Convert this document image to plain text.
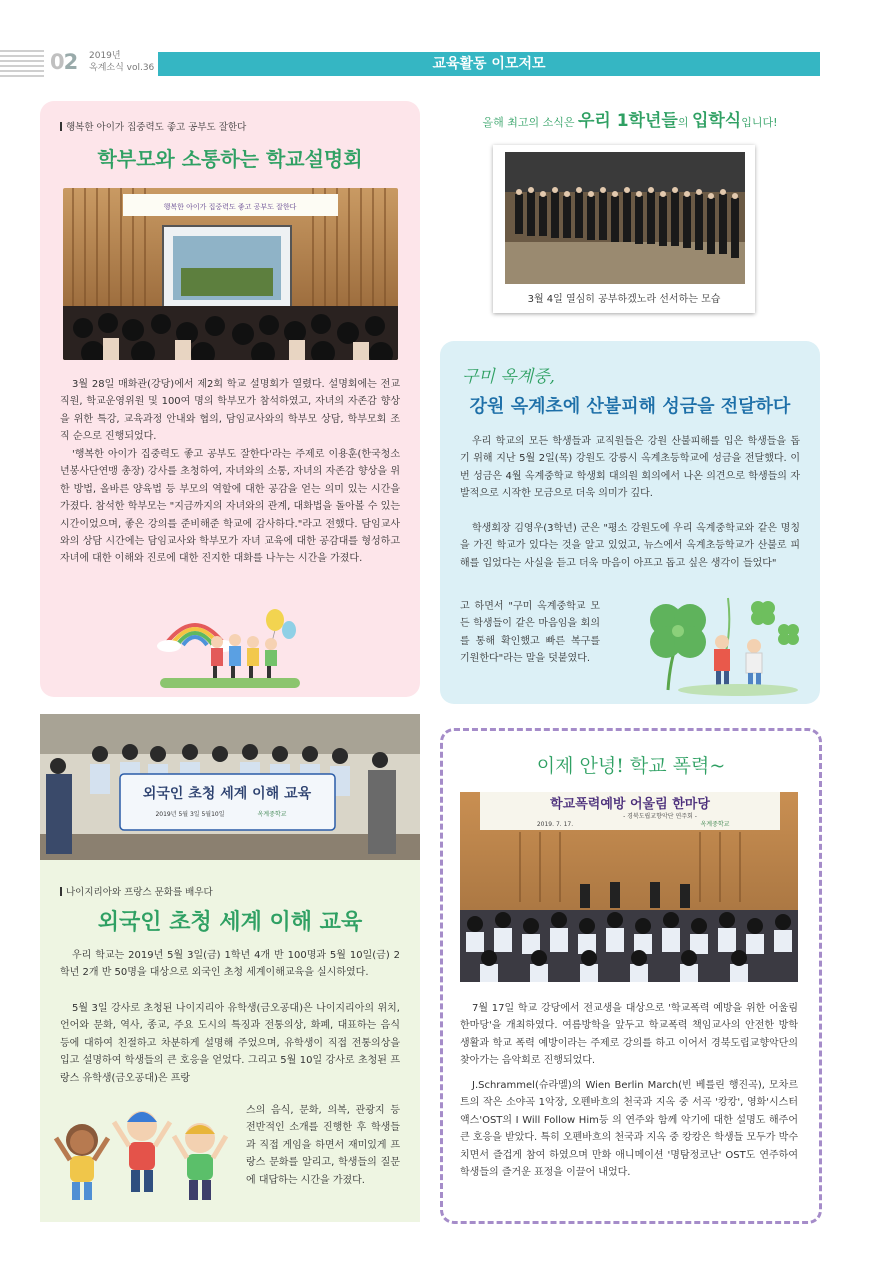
02 2019년
옥계소식 vol.36	교육활동 이모저모
행복한 아이가 집중력도 좋고 공부도 잘한다
학부모와 소통하는 학교설명회
행복한 아이가 집중력도 좋고 공부도 잘한다
3월 28일 매화관(강당)에서 제2회 학교 설명회가 열렸다. 설명회에는 전교직원, 학교운영위원 및 100여 명의 학부모가 참석하였고, 자녀의 자존감 향상을 위한 특강, 교육과정 안내와 협의, 담임교사와의 학부모 상담, 학부모회 조직 순으로 진행되었다.
'행복한 아이가 집중력도 좋고 공부도 잘한다'라는 주제로 이용훈(한국청소년봉사단연맹 총장) 강사를 초청하여, 자녀와의 소통, 자녀의 자존감 향상을 위한 방법, 올바른 양육법 등 부모의 역할에 대한 공감을 얻는 의미 있는 시간을 가졌다. 참석한 학부모는 "지금까지의 자녀와의 관계, 대화법을 돌아볼 수 있는 시간이었으며, 좋은 강의를 준비해준 학교에 감사하다."라고 전했다. 담임교사와의 상담 시간에는 담임교사와 학부모가 자녀 교육에 대한 공감대를 형성하고 자녀에 대한 이해와 진로에 대한 진지한 대화를 나누는 시간을 가졌다.
올해 최고의 소식은 우리 1학년들의 입학식입니다!
3월 4일 열심히 공부하겠노라 선서하는 모습
구미 옥계중,
강원 옥계초에 산불피해 성금을 전달하다
우리 학교의 모든 학생들과 교직원들은 강원 산불피해를 입은 학생들을 돕기 위해 지난 5월 2일(목) 강원도 강릉시 옥계초등학교에 성금을 전달했다. 이번 성금은 4월 옥계중학교 학생회 대의원 회의에서 나온 의견으로 학생들의 자발적으로 시작한 모금으로 더욱 의미가 깊다.
학생회장 김영우(3학년) 군은 "평소 강원도에 우리 옥계중학교와 같은 명칭을 가진 학교가 있다는 것을 알고 있었고, 뉴스에서 옥계초등학교가 산불로 피해를 입었다는 사실을 듣고 더욱 마음이 아프고 돕고 싶은 생각이 들었다"
고 하면서 "구미 옥계중학교 모든 학생들이 같은 마음임을 회의를 통해 확인했고 빠른 복구를 기원한다"라는 말을 덧붙였다.
외국인 초청 세계 이해 교육
2019년 5월 3일 5월10일	옥계중학교
나이지리아와 프랑스 문화를 배우다
외국인 초청 세계 이해 교육
우리 학교는 2019년 5월 3일(금) 1학년 4개 반 100명과 5월 10일(금) 2학년 2개 반 50명을 대상으로 외국인 초청 세계이해교육을 실시하였다.
5월 3일 강사로 초청된 나이지리아 유학생(금오공대)은 나이지리아의 위치, 언어와 문화, 역사, 종교, 주요 도시의 특징과 전통의상, 화폐, 대표하는 음식 등에 대하여 친절하고 차분하게 설명해 주었으며, 유학생이 직접 전통의상을 입고 설명하여 학생들의 큰 호응을 얻었다. 그리고 5월 10일 강사로 초청된 프랑스 유학생(금오공대)은 프랑
스의 음식, 문화, 의복, 관광지 등 전반적인 소개를 진행한 후 학생들과 직접 게임을 하면서 재미있게 프랑스 문화를 알리고, 학생들의 질문에 대답하는 시간을 가졌다.
이제 안녕! 학교 폭력~
학교폭력예방 어울림 한마당
- 경북도립교향악단 연주회 -
2019. 7. 17.	옥계중학교
7월 17일 학교 강당에서 전교생을 대상으로 '학교폭력 예방을 위한 어울림 한마당'을 개최하였다. 여름방학을 앞두고 학교폭력 책임교사의 안전한 방학 생활과 학교 폭력 예방이라는 주제로 강의를 하고 이어서 경북도립교향악단의 찾아가는 음악회로 진행되었다.
J.Schrammel(슈라멜)의 Wien Berlin March(빈 베를린 행진곡), 모차르트의 작은 소야곡 1악장, 오펜바흐의 천국과 지옥 중 서곡 '캉캉', 영화'시스터액스'OST의 I Will Follow Him등 의 연주와 함께 악기에 대한 설명도 해주어 큰 호응을 받았다. 특히 오펜바흐의 천국과 지옥 중 캉캉은 학생들 모두가 박수치면서 즐겁게 참여 하였으며 만화 애니메이션 '명탐정코난' OST도 연주하여 학생들의 즐거운 표정을 이끌어 내었다.
